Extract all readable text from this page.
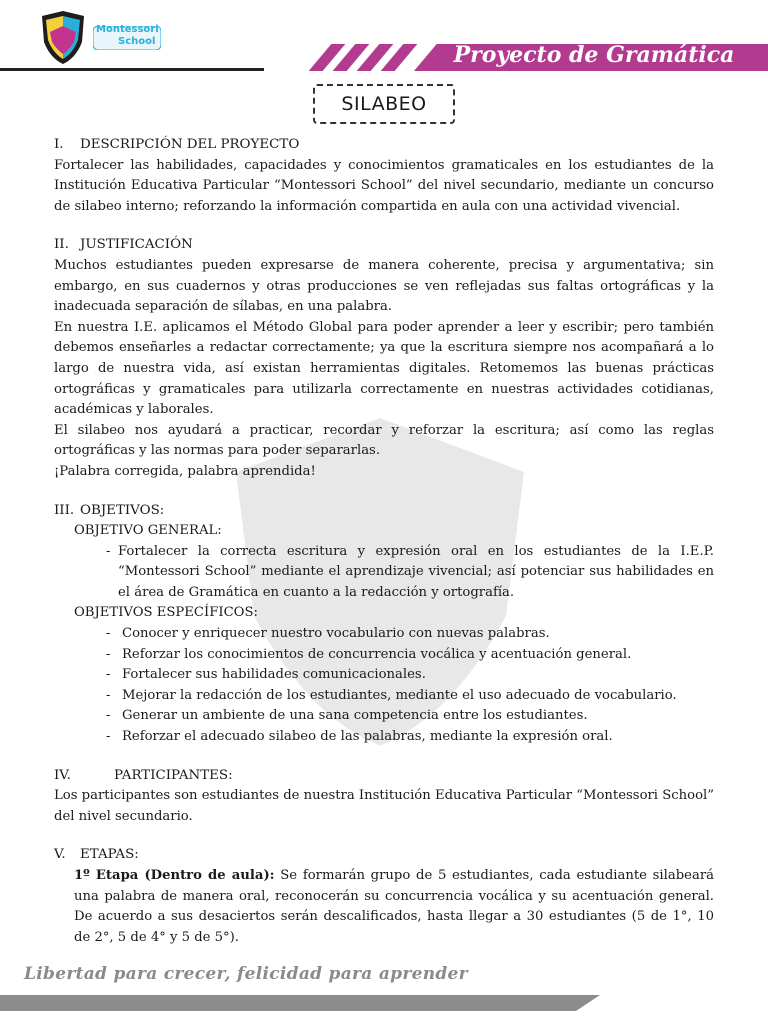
Montessori
School
Proyecto de Gramática
SILABEO
I. DESCRIPCIÓN DEL PROYECTO

Fortalecer las habilidades, capacidades y conocimientos gramaticales en los estudiantes de la Institución Educativa Particular “Montessori School” del nivel secundario, mediante un concurso de silabeo interno; reforzando la información compartida en aula con una actividad vivencial.

II. JUSTIFICACIÓN

Muchos estudiantes pueden expresarse de manera coherente, precisa y argumentativa; sin embargo, en sus cuadernos y otras producciones se ven reflejadas sus faltas ortográficas y la inadecuada separación de sílabas, en una palabra.

En nuestra I.E. aplicamos el Método Global para poder aprender a leer y escribir; pero también debemos enseñarles a redactar correctamente; ya que la escritura siempre nos acompañará a lo largo de nuestra vida, así existan herramientas digitales. Retomemos las buenas prácticas ortográficas y gramaticales para utilizarla correctamente en nuestras actividades cotidianas, académicas y laborales.

El silabeo nos ayudará a practicar, recordar y reforzar la escritura; así como las reglas ortográficas y las normas para poder separarlas.

¡Palabra corregida, palabra aprendida!

III. OBJETIVOS:
OBJETIVO GENERAL:
- Fortalecer la correcta escritura y expresión oral en los estudiantes de la I.E.P. “Montessori School” mediante el aprendizaje vivencial; así potenciar sus habilidades en el área de Gramática en cuanto a la redacción y ortografía.
OBJETIVOS ESPECÍFICOS:
- Conocer y enriquecer nuestro vocabulario con nuevas palabras.
- Reforzar los conocimientos de concurrencia vocálica y acentuación general.
- Fortalecer sus habilidades comunicacionales.
- Mejorar la redacción de los estudiantes, mediante el uso adecuado de vocabulario.
- Generar un ambiente de una sana competencia entre los estudiantes.
- Reforzar el adecuado silabeo de las palabras, mediante la expresión oral.
IV.	PARTICIPANTES:

Los participantes son estudiantes de nuestra Institución Educativa Particular “Montessori School” del nivel secundario.

V. ETAPAS:
1º Etapa (Dentro de aula): Se formarán grupo de 5 estudiantes, cada estudiante silabeará una palabra de manera oral, reconocerán su concurrencia vocálica y su acentuación general. De acuerdo a sus desaciertos serán descalificados, hasta llegar a 30 estudiantes (5 de 1°, 10 de 2°, 5 de 4° y 5 de 5°).
Libertad para crecer, felicidad para aprender
